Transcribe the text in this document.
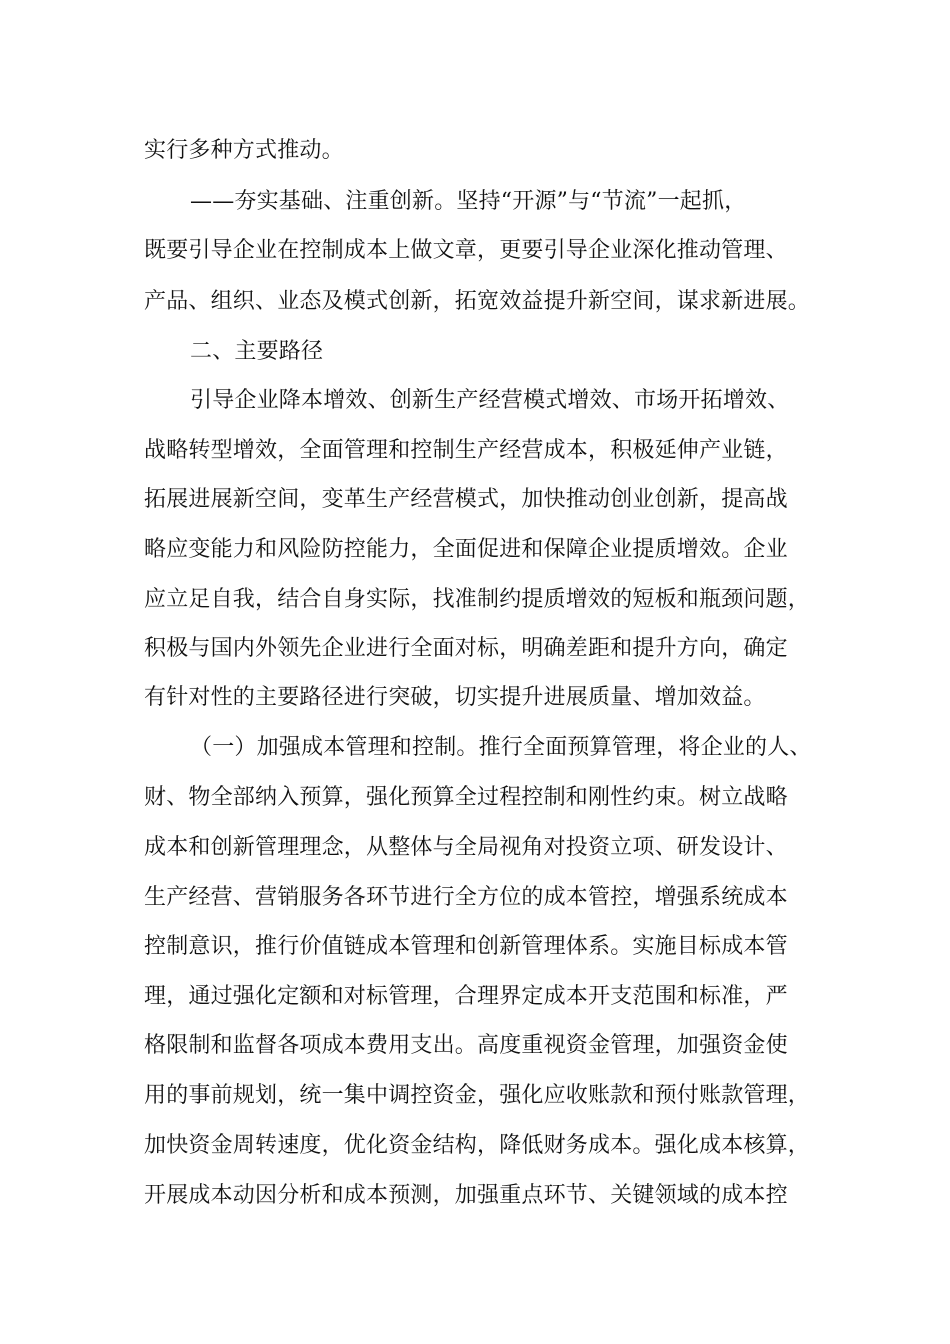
实行多种方式推动。
——夯实基础、注重创新。坚持“开源”与“节流”一起抓，
既要引导企业在控制成本上做文章，更要引导企业深化推动管理、
产品、组织、业态及模式创新，拓宽效益提升新空间，谋求新进展。
二、主要路径
引导企业降本增效、创新生产经营模式增效、市场开拓增效、
战略转型增效，全面管理和控制生产经营成本，积极延伸产业链，
拓展进展新空间，变革生产经营模式，加快推动创业创新，提高战
略应变能力和风险防控能力，全面促进和保障企业提质增效。企业
应立足自我，结合自身实际，找准制约提质增效的短板和瓶颈问题，
积极与国内外领先企业进行全面对标，明确差距和提升方向，确定
有针对性的主要路径进行突破，切实提升进展质量、增加效益。
（一）加强成本管理和控制。推行全面预算管理，将企业的人、
财、物全部纳入预算，强化预算全过程控制和刚性约束。树立战略
成本和创新管理理念，从整体与全局视角对投资立项、研发设计、
生产经营、营销服务各环节进行全方位的成本管控，增强系统成本
控制意识，推行价值链成本管理和创新管理体系。实施目标成本管
理，通过强化定额和对标管理，合理界定成本开支范围和标准，严
格限制和监督各项成本费用支出。高度重视资金管理，加强资金使
用的事前规划，统一集中调控资金，强化应收账款和预付账款管理，
加快资金周转速度，优化资金结构，降低财务成本。强化成本核算，
开展成本动因分析和成本预测，加强重点环节、关键领域的成本控
